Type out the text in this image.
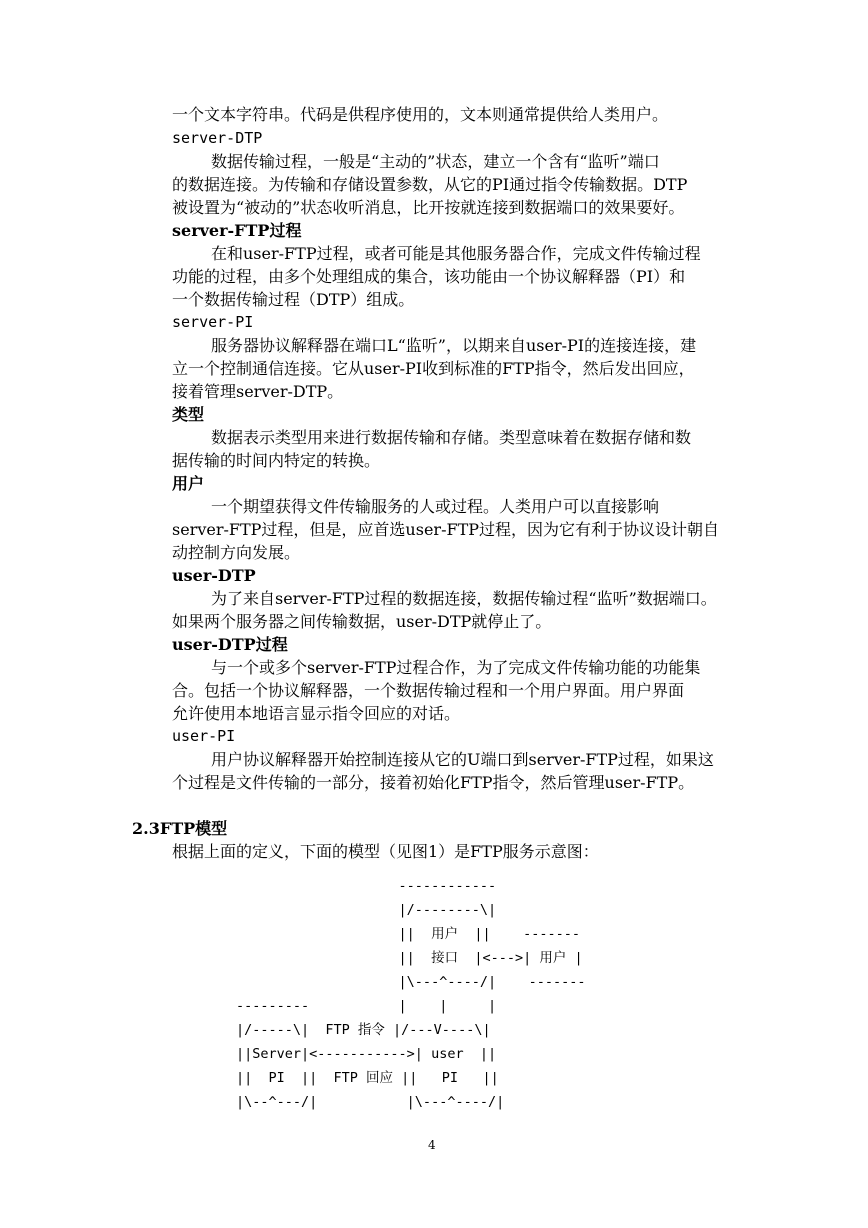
一个文本字符串。代码是供程序使用的，文本则通常提供给人类用户。
server-DTP
数据传输过程，一般是“主动的”状态，建立一个含有“监听”端口
的数据连接。为传输和存储设置参数，从它的PI通过指令传输数据。DTP
被设置为“被动的”状态收听消息，比开按就连接到数据端口的效果要好。
server-FTP过程
在和user-FTP过程，或者可能是其他服务器合作，完成文件传输过程
功能的过程，由多个处理组成的集合，该功能由一个协议解释器（PI）和
一个数据传输过程（DTP）组成。
server-PI
服务器协议解释器在端口L“监听”，以期来自user-PI的连接连接，建
立一个控制通信连接。它从user-PI收到标准的FTP指令，然后发出回应，
接着管理server-DTP。
类型
数据表示类型用来进行数据传输和存储。类型意味着在数据存储和数
据传输的时间内特定的转换。
用户
一个期望获得文件传输服务的人或过程。人类用户可以直接影响
server-FTP过程，但是，应首选user-FTP过程，因为它有利于协议设计朝自
动控制方向发展。
user-DTP
为了来自server-FTP过程的数据连接，数据传输过程“监听”数据端口。
如果两个服务器之间传输数据，user-DTP就停止了。
user-DTP过程
与一个或多个server-FTP过程合作，为了完成文件传输功能的功能集
合。包括一个协议解释器，一个数据传输过程和一个用户界面。用户界面
允许使用本地语言显示指令回应的对话。
user-PI
用户协议解释器开始控制连接从它的U端口到server-FTP过程，如果这
个过程是文件传输的一部分，接着初始化FTP指令，然后管理user-FTP。
2.3FTP模型
根据上面的定义，下面的模型（见图1）是FTP服务示意图：
------------
|/--------\|
||  用户  ||    -------
||  接口  |<--->| 用户 |
|\---^----/|    -------
---------           |    |     |
|/-----\|  FTP 指令 |/---V----\|
||Server|<----------->| user  ||
||  PI  ||  FTP 回应 ||   PI   ||
|\--^---/|           |\---^----/|
4
